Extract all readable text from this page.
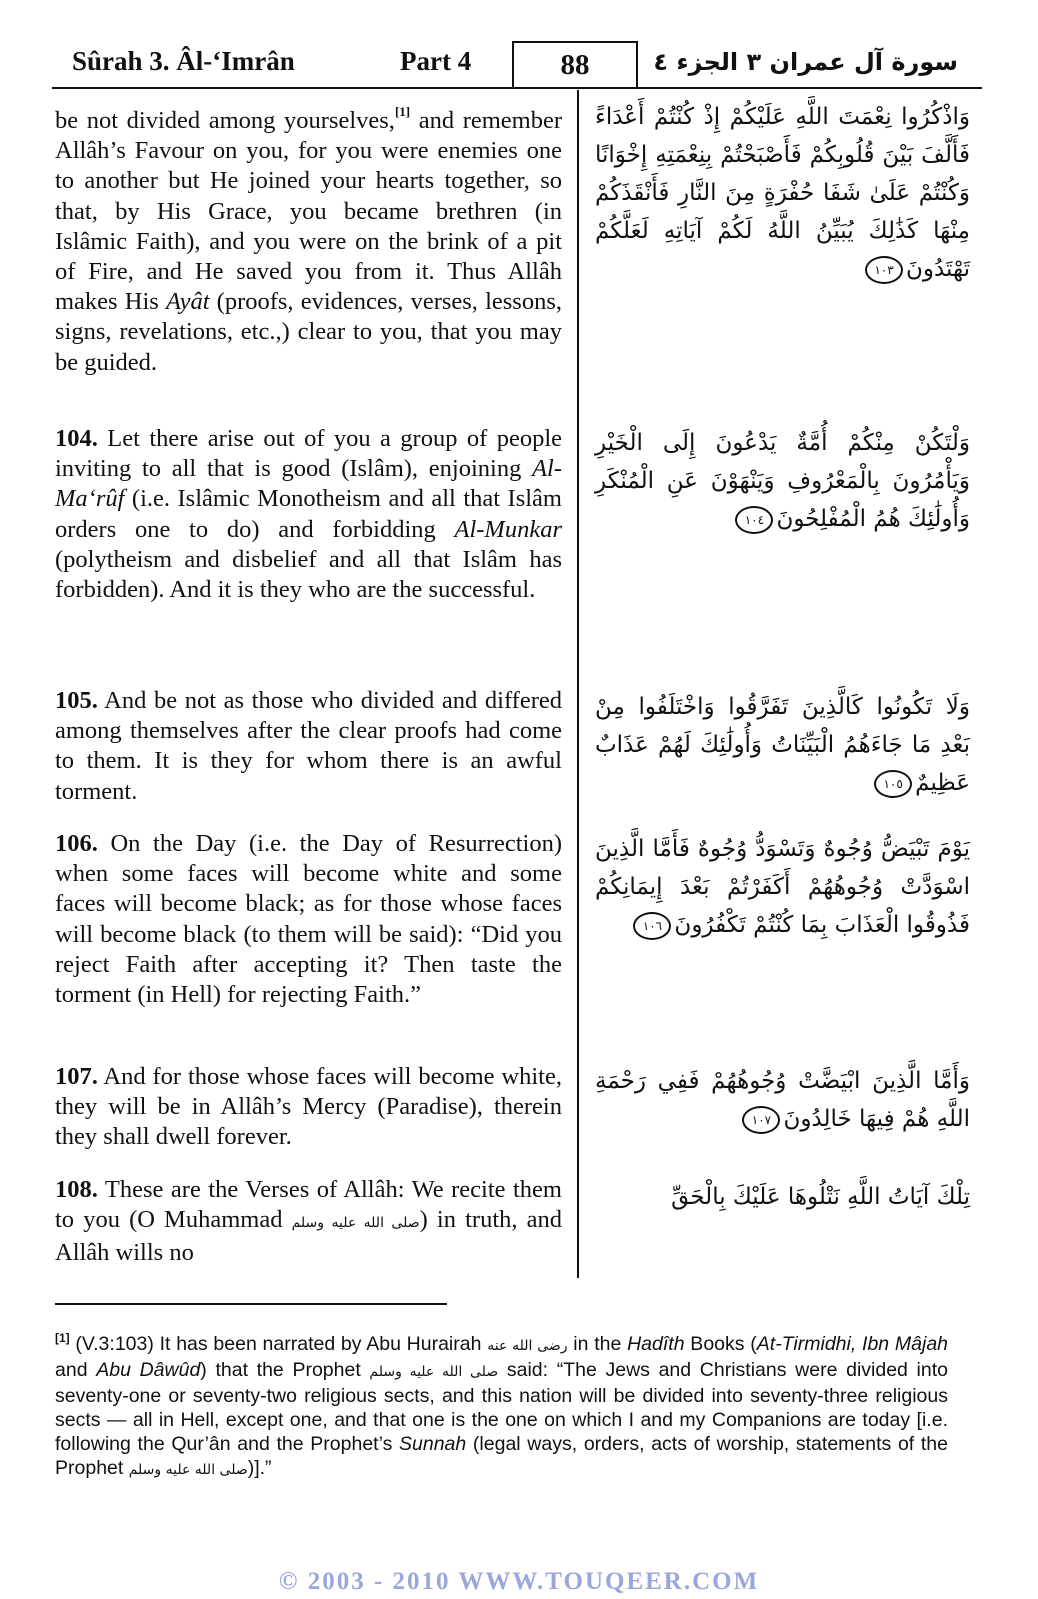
Sûrah 3. Âl-‘Imrân	Part 4	88	سورة آل عمران ٣ الجزء ٤

be not divided among yourselves,[1] and remember Allâh’s Favour on you, for you were enemies one to another but He joined your hearts together, so that, by His Grace, you became brethren (in Islâmic Faith), and you were on the brink of a pit of Fire, and He saved you from it. Thus Allâh makes His Ayât (proofs, evidences, verses, lessons, signs, revelations, etc.,) clear to you, that you may be guided.

وَاذْكُرُوا نِعْمَتَ اللَّهِ عَلَيْكُمْ إِذْ كُنْتُمْ أَعْدَاءً فَأَلَّفَ بَيْنَ قُلُوبِكُمْ فَأَصْبَحْتُمْ بِنِعْمَتِهِ إِخْوَانًا وَكُنْتُمْ عَلَىٰ شَفَا حُفْرَةٍ مِنَ النَّارِ فَأَنْقَذَكُمْ مِنْهَا كَذَٰلِكَ يُبَيِّنُ اللَّهُ لَكُمْ آيَاتِهِ لَعَلَّكُمْ تَهْتَدُونَ١٠٣

104. Let there arise out of you a group of people inviting to all that is good (Islâm), enjoining Al-Ma‘rûf (i.e. Islâmic Monotheism and all that Islâm orders one to do) and forbidding Al-Munkar (polytheism and disbelief and all that Islâm has forbidden). And it is they who are the successful.

وَلْتَكُنْ مِنْكُمْ أُمَّةٌ يَدْعُونَ إِلَى الْخَيْرِ وَيَأْمُرُونَ بِالْمَعْرُوفِ وَيَنْهَوْنَ عَنِ الْمُنْكَرِ وَأُولَٰئِكَ هُمُ الْمُفْلِحُونَ١٠٤

105. And be not as those who divided and differed among themselves after the clear proofs had come to them. It is they for whom there is an awful torment.

وَلَا تَكُونُوا كَالَّذِينَ تَفَرَّقُوا وَاخْتَلَفُوا مِنْ بَعْدِ مَا جَاءَهُمُ الْبَيِّنَاتُ وَأُولَٰئِكَ لَهُمْ عَذَابٌ عَظِيمٌ١٠٥

106. On the Day (i.e. the Day of Resurrection) when some faces will become white and some faces will become black; as for those whose faces will become black (to them will be said): “Did you reject Faith after accepting it? Then taste the torment (in Hell) for rejecting Faith.”

يَوْمَ تَبْيَضُّ وُجُوهٌ وَتَسْوَدُّ وُجُوهٌ فَأَمَّا الَّذِينَ اسْوَدَّتْ وُجُوهُهُمْ أَكَفَرْتُمْ بَعْدَ إِيمَانِكُمْ فَذُوقُوا الْعَذَابَ بِمَا كُنْتُمْ تَكْفُرُونَ١٠٦

107. And for those whose faces will become white, they will be in Allâh’s Mercy (Paradise), therein they shall dwell forever.

وَأَمَّا الَّذِينَ ابْيَضَّتْ وُجُوهُهُمْ فَفِي رَحْمَةِ اللَّهِ هُمْ فِيهَا خَالِدُونَ١٠٧

108. These are the Verses of Allâh: We recite them to you (O Muhammad صلى الله عليه وسلم) in truth, and Allâh wills no

تِلْكَ آيَاتُ اللَّهِ نَتْلُوهَا عَلَيْكَ بِالْحَقِّ

[1] (V.3:103) It has been narrated by Abu Hurairah رضى الله عنه in the Hadîth Books (At-Tirmidhi, Ibn Mâjah and Abu Dâwûd) that the Prophet صلى الله عليه وسلم said: “The Jews and Christians were divided into seventy-one or seventy-two religious sects, and this nation will be divided into seventy-three religious sects — all in Hell, except one, and that one is the one on which I and my Companions are today [i.e. following the Qur’ân and the Prophet’s Sunnah (legal ways, orders, acts of worship, statements of the Prophet صلى الله عليه وسلم)].”

© 2003 - 2010 WWW.TOUQEER.COM
